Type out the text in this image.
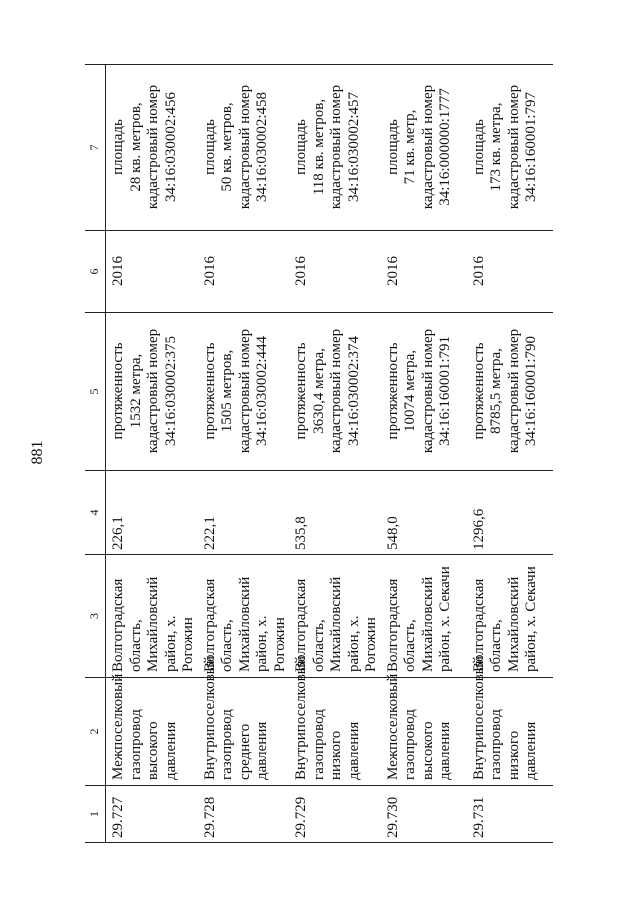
881
1	2	3	4	5	6	7
29.727	Межпоселковый газопровод высокого давления	Волгоградская область, Михайловский район, х. Рогожин	226,1	протяженность
1532 метра,
кадастровый номер
34:16:030002:375	2016	площадь
28 кв. метров,
кадастровый номер
34:16:030002:456
29.728	Внутрипоселковый газопровод среднего давления	Волгоградская область, Михайловский район, х. Рогожин	222,1	протяженность
1505 метров,
кадастровый номер
34:16:030002:444	2016	площадь
50 кв. метров,
кадастровый номер
34:16:030002:458
29.729	Внутрипоселковый газопровод низкого давления	Волгоградская область, Михайловский район, х. Рогожин	535,8	протяженность
3630,4 метра,
кадастровый номер
34:16:030002:374	2016	площадь
118 кв. метров,
кадастровый номер
34:16:030002:457
29.730	Межпоселковый газопровод высокого давления	Волгоградская область, Михайловский район, х. Секачи	548,0	протяженность
10074 метра,
кадастровый номер
34:16:160001:791	2016	площадь
71 кв. метр,
кадастровый номер
34:16:000000:1777
29.731	Внутрипоселковый газопровод низкого давления	Волгоградская область, Михайловский район, х. Секачи	1296,6	протяженность
8785,5 метра,
кадастровый номер
34:16:160001:790	2016	площадь
173 кв. метра,
кадастровый номер
34:16:160001:797
